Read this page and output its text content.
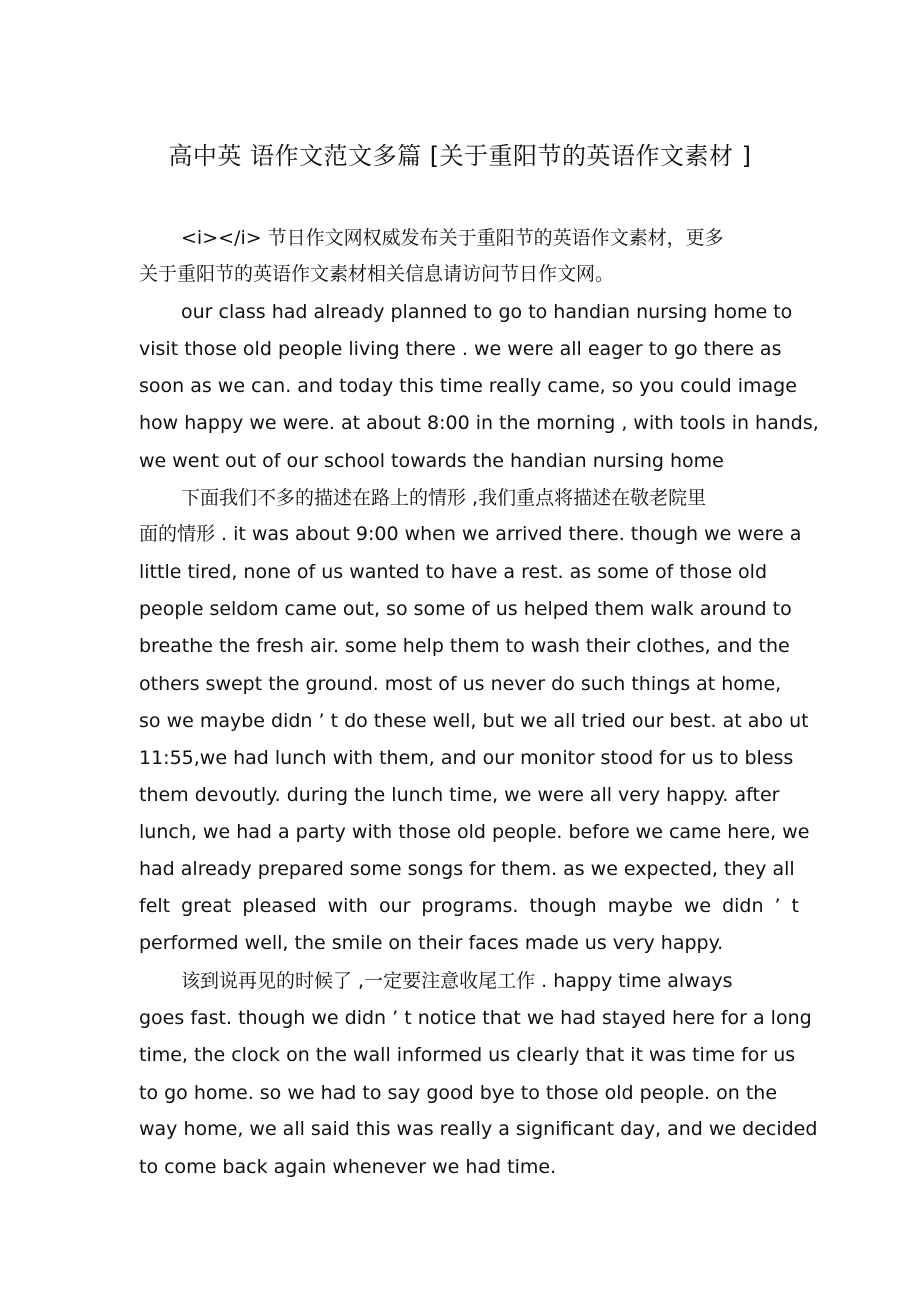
高中英 语作文范文多篇 [关于重阳节的英语作文素材 ]
<i></i> 节日作文网权威发布关于重阳节的英语作文素材，更多
关于重阳节的英语作文素材相关信息请访问节日作文网。
our class had already planned to go to handian nursing home to
visit those old people living there . we were all eager to go there as
soon as we can. and today this time really came, so you could image
how happy we were. at about 8:00 in the morning , with tools in hands,
we went out of our school towards the handian nursing home
下面我们不多的描述在路上的情形 ,我们重点将描述在敬老院里
面的情形 . it was about 9:00 when we arrived there. though we were a
little tired, none of us wanted to have a rest. as some of those old
people seldom came out, so some of us helped them walk around to
breathe the fresh air. some help them to wash their clothes, and the
others swept the ground. most of us never do such things at home,
so we maybe didn ’ t do these well, but we all tried our best. at abo ut
11:55,we had lunch with them, and our monitor stood for us to bless
them devoutly. during the lunch time, we were all very happy. after
lunch, we had a party with those old people. before we came here, we
had already prepared some songs for them. as we expected, they all
felt great pleased with our programs. though maybe we didn ’ t
performed well, the smile on their faces made us very happy.
该到说再见的时候了 ,一定要注意收尾工作 . happy time always
goes fast. though we didn ’ t notice that we had stayed here for a long
time, the clock on the wall informed us clearly that it was time for us
to go home. so we had to say good bye to those old people. on the
way home, we all said this was really a significant day, and we decided
to come back again whenever we had time.
